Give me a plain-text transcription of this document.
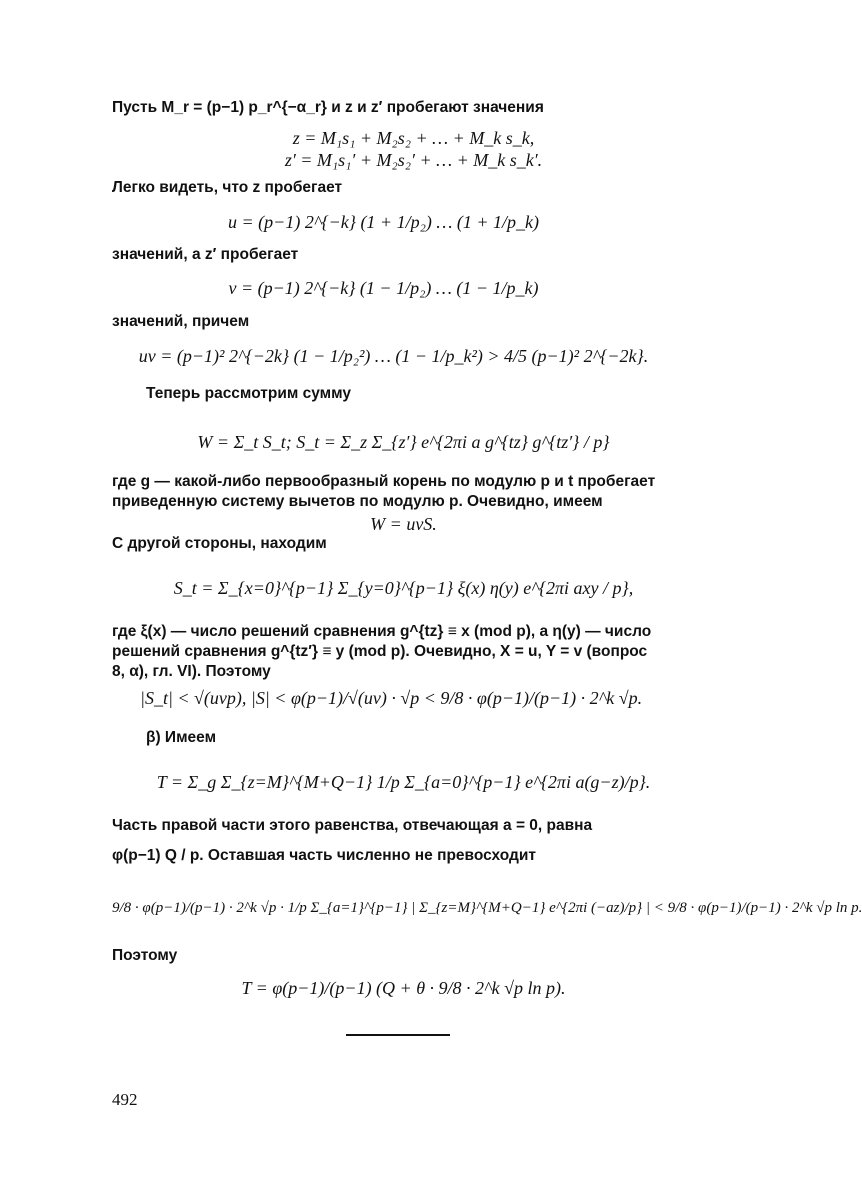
Пусть M_r = (p−1) p_r^{−α_r} и z и z′ пробегают значения
z = M₁s₁ + M₂s₂ + … + M_k s_k,
z′ = M₁s₁′ + M₂s₂′ + … + M_k s_k′.
Легко видеть, что z пробегает
u = (p−1) 2^{−k} (1 + 1/p₂) … (1 + 1/p_k)
значений, а z′ пробегает
v = (p−1) 2^{−k} (1 − 1/p₂) … (1 − 1/p_k)
значений, причем
uv = (p−1)² 2^{−2k} (1 − 1/p₂²) … (1 − 1/p_k²) > 4/5 (p−1)² 2^{−2k}.
Теперь рассмотрим сумму
W = Σ_t S_t; S_t = Σ_z Σ_{z′} e^{2πi a g^{tz} g^{tz′} / p}
где g — какой-либо первообразный корень по модулю p и t пробегает
приведенную систему вычетов по модулю p. Очевидно, имеем
W = uvS.
С другой стороны, находим
S_t = Σ_{x=0}^{p−1} Σ_{y=0}^{p−1} ξ(x) η(y) e^{2πi axy / p},
где ξ(x) — число решений сравнения g^{tz} ≡ x (mod p), а η(y) — число
решений сравнения g^{tz′} ≡ y (mod p). Очевидно, X = u, Y = v (вопрос
8, α), гл. VI). Поэтому
|S_t| < √(uvp), |S| < φ(p−1)/√(uv) · √p < 9/8 · φ(p−1)/(p−1) · 2^k √p.
β) Имеем
T = Σ_g Σ_{z=M}^{M+Q−1} 1/p Σ_{a=0}^{p−1} e^{2πi a(g−z)/p}.
Часть правой части этого равенства, отвечающая a = 0, равна
φ(p−1) Q / p. Оставшая часть численно не превосходит
9/8 · φ(p−1)/(p−1) · 2^k √p · 1/p Σ_{a=1}^{p−1} | Σ_{z=M}^{M+Q−1} e^{2πi (−az)/p} | < 9/8 · φ(p−1)/(p−1) · 2^k √p ln p.
Поэтому
T = φ(p−1)/(p−1) (Q + θ · 9/8 · 2^k √p ln p).
492
